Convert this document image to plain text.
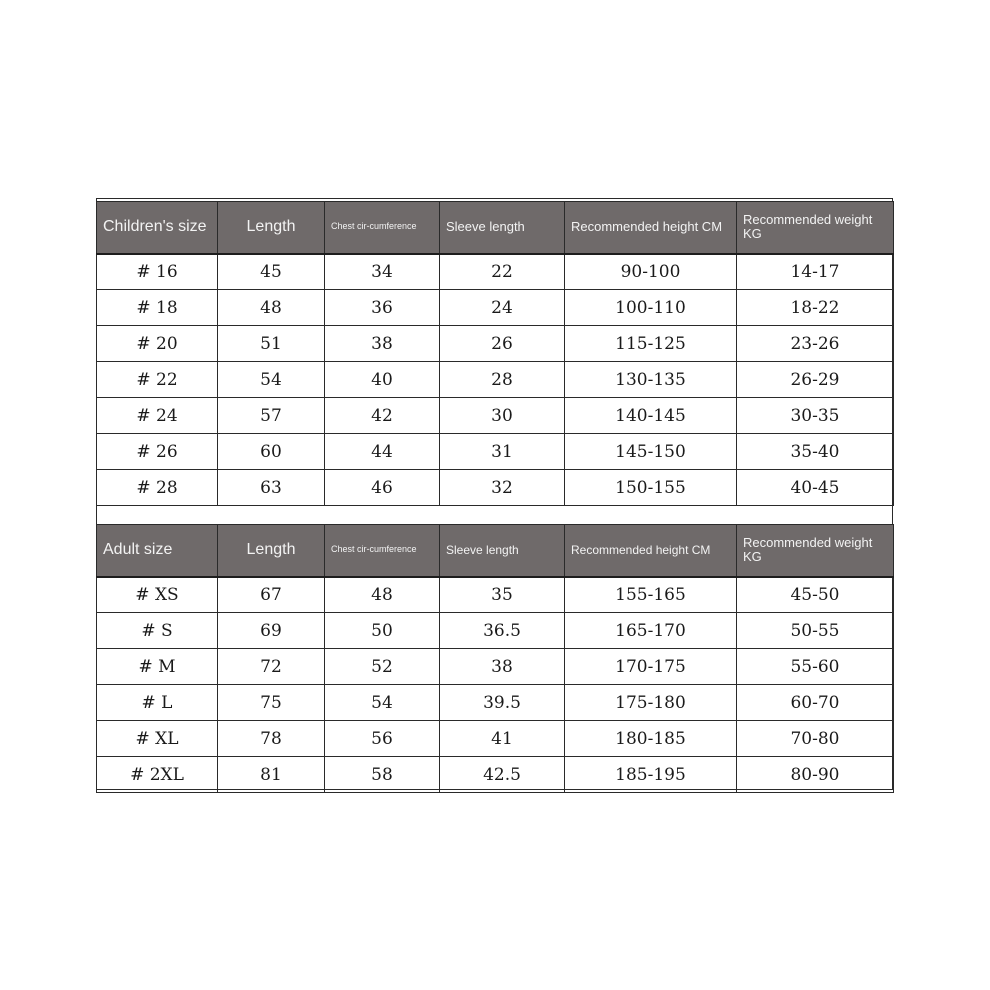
Children's size	Length	Chest cir-cumference	Sleeve length	Recommended height CM	Recommended weight KG
# 16	45	34	22	90-100	14-17
# 18	48	36	24	100-110	18-22
# 20	51	38	26	115-125	23-26
# 22	54	40	28	130-135	26-29
# 24	57	42	30	140-145	30-35
# 26	60	44	31	145-150	35-40
# 28	63	46	32	150-155	40-45
Adult size	Length	Chest cir-cumference	Sleeve length	Recommended height CM	Recommended weight KG
# XS	67	48	35	155-165	45-50
# S	69	50	36.5	165-170	50-55
# M	72	52	38	170-175	55-60
# L	75	54	39.5	175-180	60-70
# XL	78	56	41	180-185	70-80
# 2XL	81	58	42.5	185-195	80-90
